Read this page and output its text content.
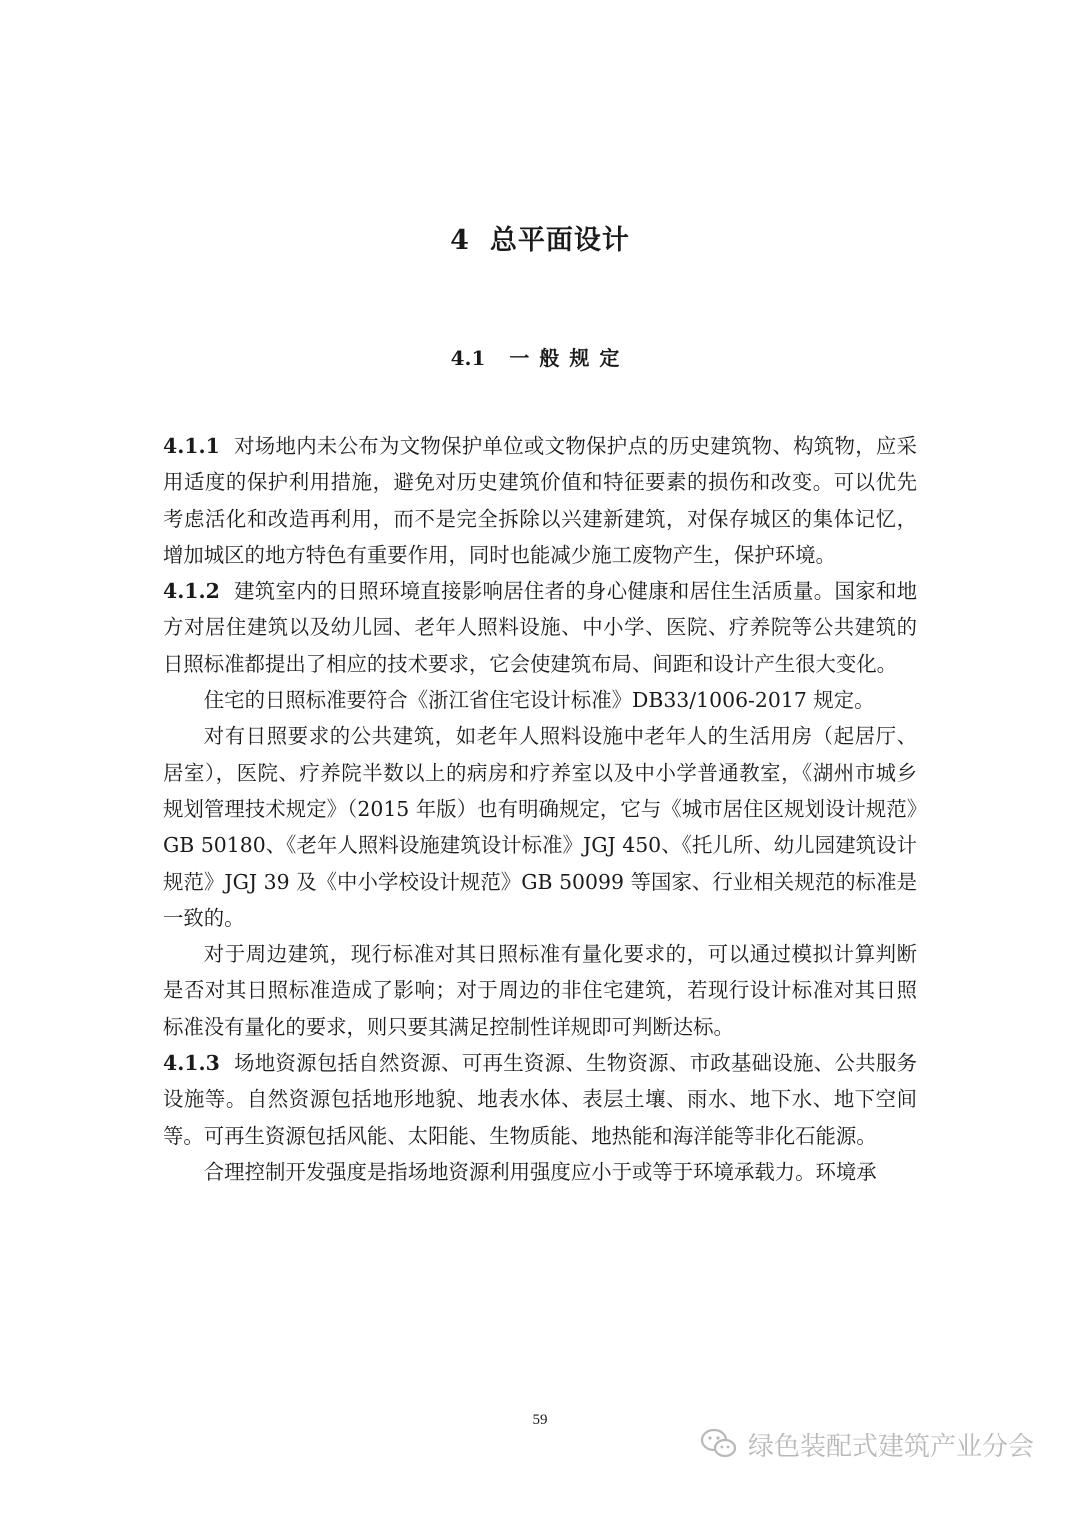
4 总平面设计
4.1 一般规定

4.1.1 对场地内未公布为文物保护单位或文物保护点的历史建筑物、构筑物，应采用适度的保护利用措施，避免对历史建筑价值和特征要素的损伤和改变。可以优先考虑活化和改造再利用，而不是完全拆除以兴建新建筑，对保存城区的集体记忆，增加城区的地方特色有重要作用，同时也能减少施工废物产生，保护环境。

4.1.2 建筑室内的日照环境直接影响居住者的身心健康和居住生活质量。国家和地方对居住建筑以及幼儿园、老年人照料设施、中小学、医院、疗养院等公共建筑的日照标准都提出了相应的技术要求，它会使建筑布局、间距和设计产生很大变化。

住宅的日照标准要符合《浙江省住宅设计标准》DB33/1006-2017 规定。

对有日照要求的公共建筑，如老年人照料设施中老年人的生活用房（起居厅、居室），医院、疗养院半数以上的病房和疗养室以及中小学普通教室，《湖州市城乡规划管理技术规定》（2015 年版）也有明确规定，它与《城市居住区规划设计规范》GB 50180、《老年人照料设施建筑设计标准》JGJ 450、《托儿所、幼儿园建筑设计规范》JGJ 39 及《中小学校设计规范》GB 50099 等国家、行业相关规范的标准是一致的。

对于周边建筑，现行标准对其日照标准有量化要求的，可以通过模拟计算判断是否对其日照标准造成了影响；对于周边的非住宅建筑，若现行设计标准对其日照标准没有量化的要求，则只要其满足控制性详规即可判断达标。

4.1.3 场地资源包括自然资源、可再生资源、生物资源、市政基础设施、公共服务设施等。自然资源包括地形地貌、地表水体、表层土壤、雨水、地下水、地下空间等。可再生资源包括风能、太阳能、生物质能、地热能和海洋能等非化石能源。

合理控制开发强度是指场地资源利用强度应小于或等于环境承载力。环境承

59
绿色装配式建筑产业分会
